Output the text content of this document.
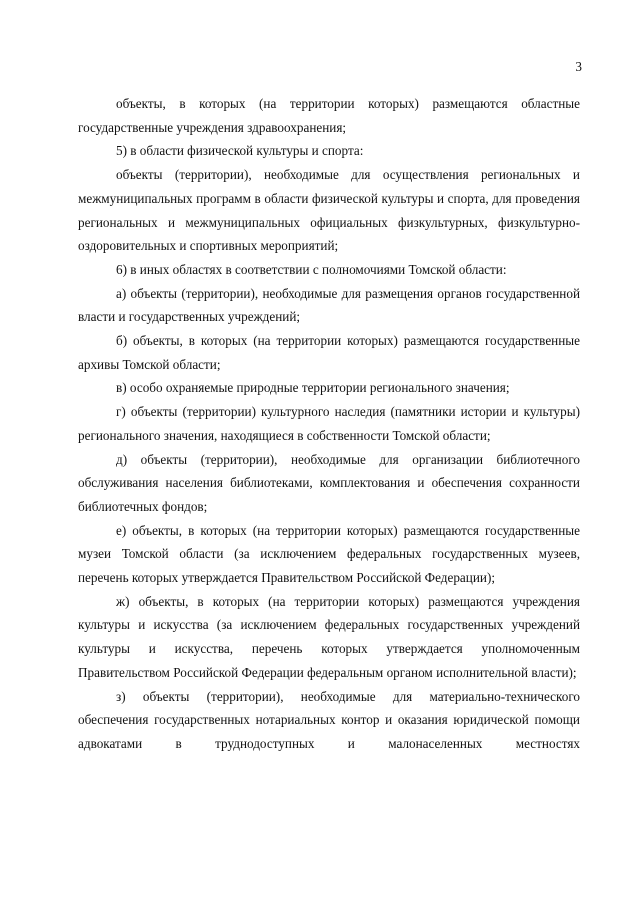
3

объекты, в которых (на территории которых) размещаются областные государственные учреждения здравоохранения;

5) в области физической культуры и спорта:

объекты (территории), необходимые для осуществления региональных и межмуниципальных программ в области физической культуры и спорта, для проведения региональных и межмуниципальных официальных физкультурных, физкультурно-оздоровительных и спортивных мероприятий;

6) в иных областях в соответствии с полномочиями Томской области:

а) объекты (территории), необходимые для размещения органов государственной власти и государственных учреждений;

б) объекты, в которых (на территории которых) размещаются государственные архивы Томской области;

в) особо охраняемые природные территории регионального значения;

г) объекты (территории) культурного наследия (памятники истории и культуры) регионального значения, находящиеся в собственности Томской области;

д) объекты (территории), необходимые для организации библиотечного обслуживания населения библиотеками, комплектования и обеспечения сохранности библиотечных фондов;

е) объекты, в которых (на территории которых) размещаются государственные музеи Томской области (за исключением федеральных государственных музеев, перечень которых утверждается Правительством Российской Федерации);

ж) объекты, в которых (на территории которых) размещаются учреждения культуры и искусства (за исключением федеральных государственных учреждений культуры и искусства, перечень которых утверждается уполномоченным Правительством Российской Федерации федеральным органом исполнительной власти);

з) объекты (территории), необходимые для материально-технического обеспечения государственных нотариальных контор и оказания юридической помощи адвокатами в труднодоступных и малонаселенных местностях
